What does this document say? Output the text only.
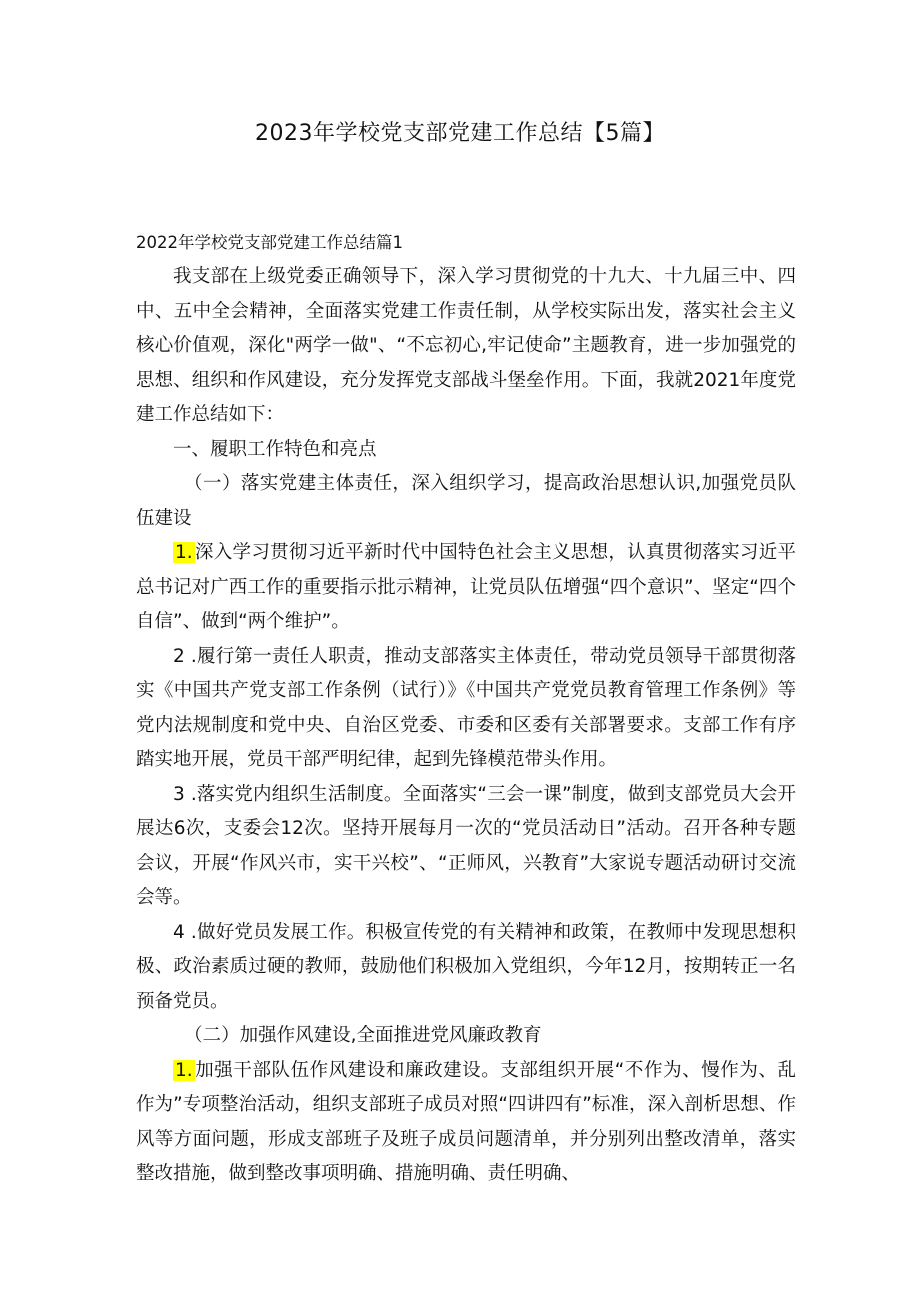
2023年学校党支部党建工作总结【5篇】

2022年学校党支部党建工作总结篇1

我支部在上级党委正确领导下，深入学习贯彻党的十九大、十九届三中、四中、五中全会精神，全面落实党建工作责任制，从学校实际出发，落实社会主义核心价值观，深化"两学一做"、“不忘初心,牢记使命”主题教育，进一步加强党的思想、组织和作风建设，充分发挥党支部战斗堡垒作用。下面，我就2021年度党建工作总结如下：

一、履职工作特色和亮点

（一）落实党建主体责任，深入组织学习，提高政治思想认识,加强党员队伍建设

1. 深入学习贯彻习近平新时代中国特色社会主义思想，认真贯彻落实习近平总书记对广西工作的重要指示批示精神，让党员队伍增强“四个意识”、坚定“四个自信”、做到“两个维护”。

2 .履行第一责任人职责，推动支部落实主体责任，带动党员领导干部贯彻落实《中国共产党支部工作条例（试行）》《中国共产党党员教育管理工作条例》等党内法规制度和党中央、自治区党委、市委和区委有关部署要求。支部工作有序踏实地开展，党员干部严明纪律，起到先锋模范带头作用。

3 .落实党内组织生活制度。全面落实“三会一课”制度，做到支部党员大会开展达6次，支委会12次。坚持开展每月一次的“党员活动日”活动。召开各种专题会议，开展“作风兴市，实干兴校”、“正师风，兴教育”大家说专题活动研讨交流会等。

4 .做好党员发展工作。积极宣传党的有关精神和政策，在教师中发现思想积极、政治素质过硬的教师，鼓励他们积极加入党组织，今年12月，按期转正一名预备党员。

（二）加强作风建设,全面推进党风廉政教育

1. 加强干部队伍作风建设和廉政建设。支部组织开展“不作为、慢作为、乱作为”专项整治活动，组织支部班子成员对照“四讲四有”标准，深入剖析思想、作风等方面问题，形成支部班子及班子成员问题清单，并分别列出整改清单，落实整改措施，做到整改事项明确、措施明确、责任明确、
